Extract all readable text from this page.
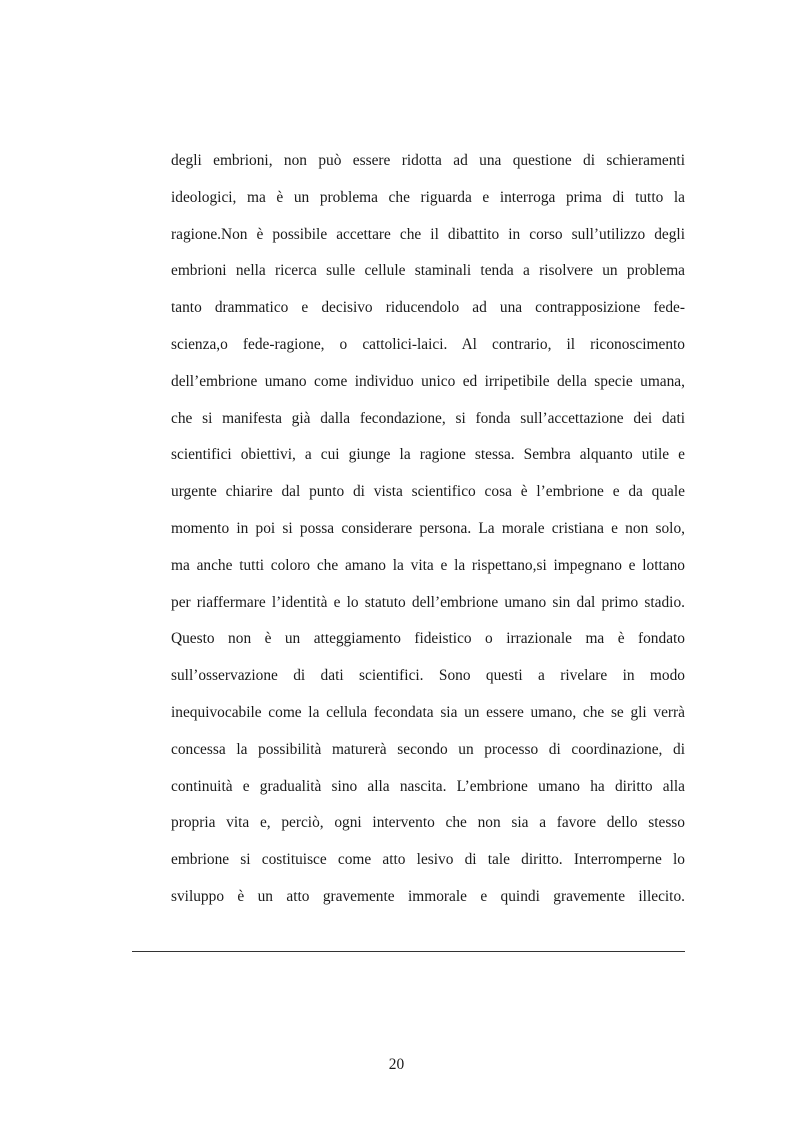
degli embrioni, non può essere ridotta ad una questione di schieramenti
ideologici, ma è un problema che riguarda e interroga prima di tutto la
ragione.Non è possibile accettare che il dibattito in corso sull’utilizzo degli
embrioni nella ricerca sulle cellule staminali tenda a risolvere un problema
tanto drammatico e decisivo riducendolo ad una contrapposizione fede-
scienza,o fede-ragione, o cattolici-laici. Al contrario, il riconoscimento
dell’embrione umano come individuo unico ed irripetibile della specie umana,
che si manifesta già dalla fecondazione, si fonda sull’accettazione dei dati
scientifici obiettivi, a cui giunge la ragione stessa. Sembra alquanto utile e
urgente chiarire dal punto di vista scientifico cosa è l’embrione e da quale
momento in poi si possa considerare persona. La morale cristiana e non solo,
ma anche tutti coloro che amano la vita e la rispettano,si impegnano e lottano
per riaffermare l’identità e lo statuto dell’embrione umano sin dal primo stadio.
Questo non è un atteggiamento fideistico o irrazionale ma è fondato
sull’osservazione di dati scientifici. Sono questi a rivelare in modo
inequivocabile come la cellula fecondata sia un essere umano, che se gli verrà
concessa la possibilità maturerà secondo un processo di coordinazione, di
continuità e gradualità sino alla nascita. L’embrione umano ha diritto alla
propria vita e, perciò, ogni intervento che non sia a favore dello stesso
embrione si costituisce come atto lesivo di tale diritto. Interromperne lo
sviluppo è un atto gravemente immorale e quindi gravemente illecito.
20
